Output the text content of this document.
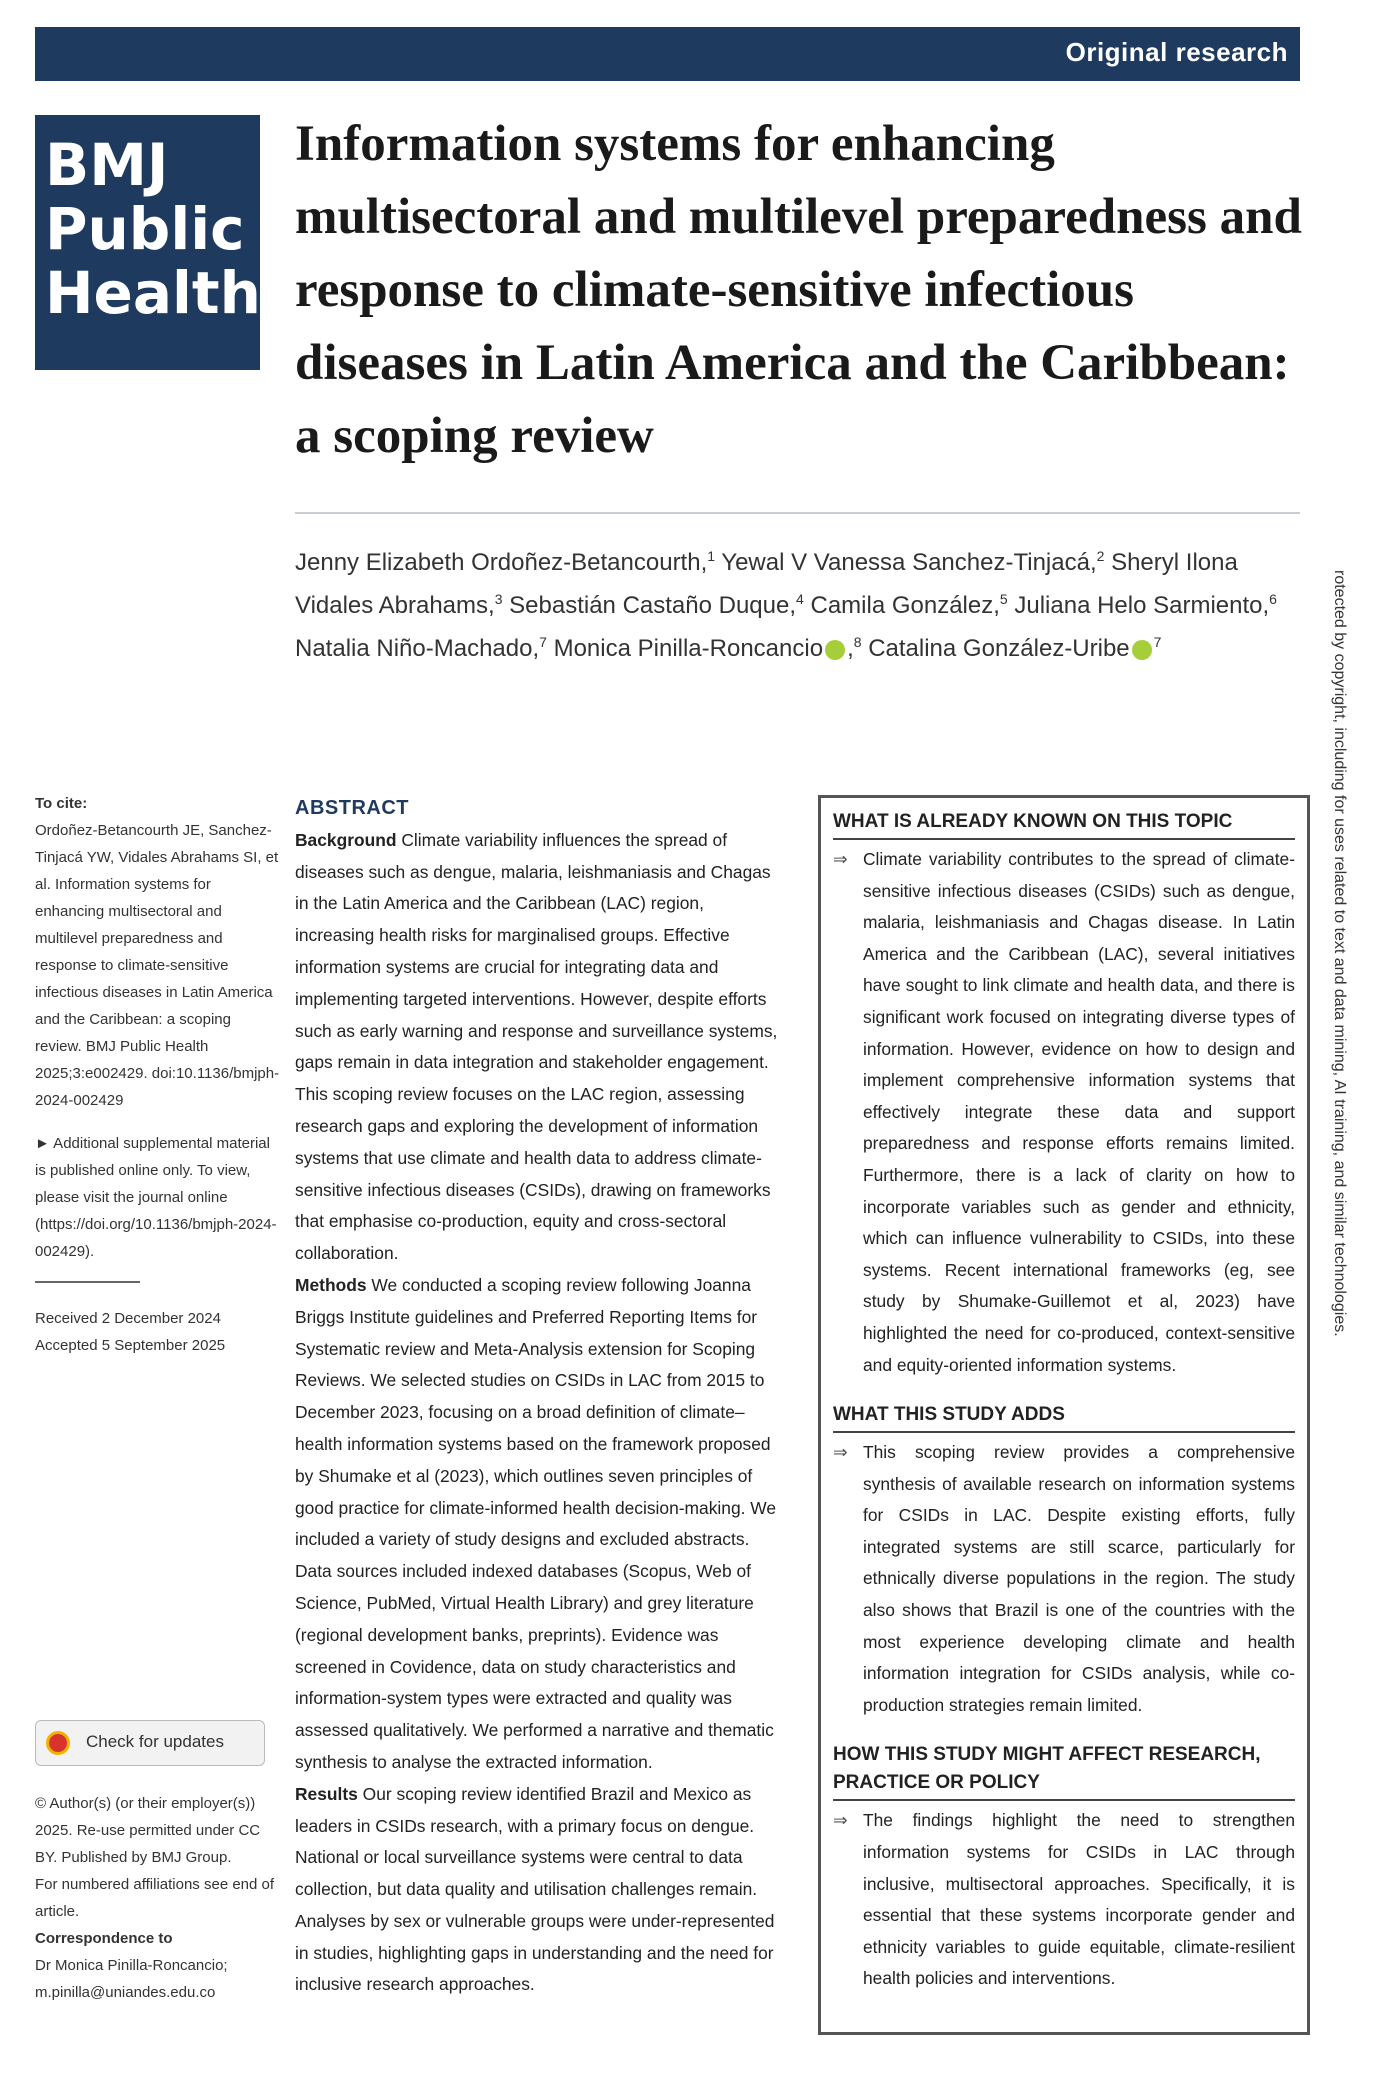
Original research
BMJ
Public
Health
Information systems for enhancing multisectoral and multilevel preparedness and response to climate-sensitive infectious diseases in Latin America and the Caribbean: a scoping review
Jenny Elizabeth Ordoñez-Betancourth,$^1$ Yewal V Vanessa Sanchez-Tinjacá,$^2$ Sheryl Ilona Vidales Abrahams,$^3$ Sebastián Castaño Duque,$^4$ Camila González,$^5$ Juliana Helo Sarmiento,$^6$ Natalia Niño-Machado,$^7$ Monica Pinilla-Roncancio ,$^8$ Catalina González-Uribe $^7$	rotected by copyright, including for uses related to text and data mining, AI training, and similar technologies.
To cite:
Ordoñez-Betancourth JE, Sanchez-Tinjacá YW, Vidales Abrahams SI, et al. Information systems for enhancing multisectoral and multilevel preparedness and response to climate-sensitive infectious diseases in Latin America and the Caribbean: a scoping review. BMJ Public Health 2025;3:e002429. doi:10.1136/bmjph-2024-002429
► Additional supplemental material is published online only. To view, please visit the journal online (https://doi.org/10.1136/bmjph-2024-002429).
Received 2 December 2024
Accepted 5 September 2025
Check for updates
© Author(s) (or their employer(s)) 2025. Re-use permitted under CC BY. Published by BMJ Group.
For numbered affiliations see end of article.
Correspondence to
Dr Monica Pinilla-Roncancio;
m.pinilla@uniandes.edu.co
ABSTRACT
Background Climate variability influences the spread of diseases such as dengue, malaria, leishmaniasis and Chagas in the Latin America and the Caribbean (LAC) region, increasing health risks for marginalised groups. Effective information systems are crucial for integrating data and implementing targeted interventions. However, despite efforts such as early warning and response and surveillance systems, gaps remain in data integration and stakeholder engagement. This scoping review focuses on the LAC region, assessing research gaps and exploring the development of information systems that use climate and health data to address climate-sensitive infectious diseases (CSIDs), drawing on frameworks that emphasise co-production, equity and cross-sectoral collaboration.
Methods We conducted a scoping review following Joanna Briggs Institute guidelines and Preferred Reporting Items for Systematic review and Meta-Analysis extension for Scoping Reviews. We selected studies on CSIDs in LAC from 2015 to December 2023, focusing on a broad definition of climate–health information systems based on the framework proposed by Shumake et al (2023), which outlines seven principles of good practice for climate-informed health decision-making. We included a variety of study designs and excluded abstracts. Data sources included indexed databases (Scopus, Web of Science, PubMed, Virtual Health Library) and grey literature (regional development banks, preprints). Evidence was screened in Covidence, data on study characteristics and information-system types were extracted and quality was assessed qualitatively. We performed a narrative and thematic synthesis to analyse the extracted information.
Results Our scoping review identified Brazil and Mexico as leaders in CSIDs research, with a primary focus on dengue. National or local surveillance systems were central to data collection, but data quality and utilisation challenges remain. Analyses by sex or vulnerable groups were under-represented in studies, highlighting gaps in understanding and the need for inclusive research approaches.
WHAT IS ALREADY KNOWN ON THIS TOPIC
⇒ Climate variability contributes to the spread of climate-sensitive infectious diseases (CSIDs) such as dengue, malaria, leishmaniasis and Chagas disease. In Latin America and the Caribbean (LAC), several initiatives have sought to link climate and health data, and there is significant work focused on integrating diverse types of information. However, evidence on how to design and implement comprehensive information systems that effectively integrate these data and support preparedness and response efforts remains limited. Furthermore, there is a lack of clarity on how to incorporate variables such as gender and ethnicity, which can influence vulnerability to CSIDs, into these systems. Recent international frameworks (eg, see study by Shumake-Guillemot et al, 2023) have highlighted the need for co-produced, context-sensitive and equity-oriented information systems.
WHAT THIS STUDY ADDS
⇒ This scoping review provides a comprehensive synthesis of available research on information systems for CSIDs in LAC. Despite existing efforts, fully integrated systems are still scarce, particularly for ethnically diverse populations in the region. The study also shows that Brazil is one of the countries with the most experience developing climate and health information integration for CSIDs analysis, while co-production strategies remain limited.
HOW THIS STUDY MIGHT AFFECT RESEARCH, PRACTICE OR POLICY
⇒ The findings highlight the need to strengthen information systems for CSIDs in LAC through inclusive, multisectoral approaches. Specifically, it is essential that these systems incorporate gender and ethnicity variables to guide equitable, climate-resilient health policies and interventions.
